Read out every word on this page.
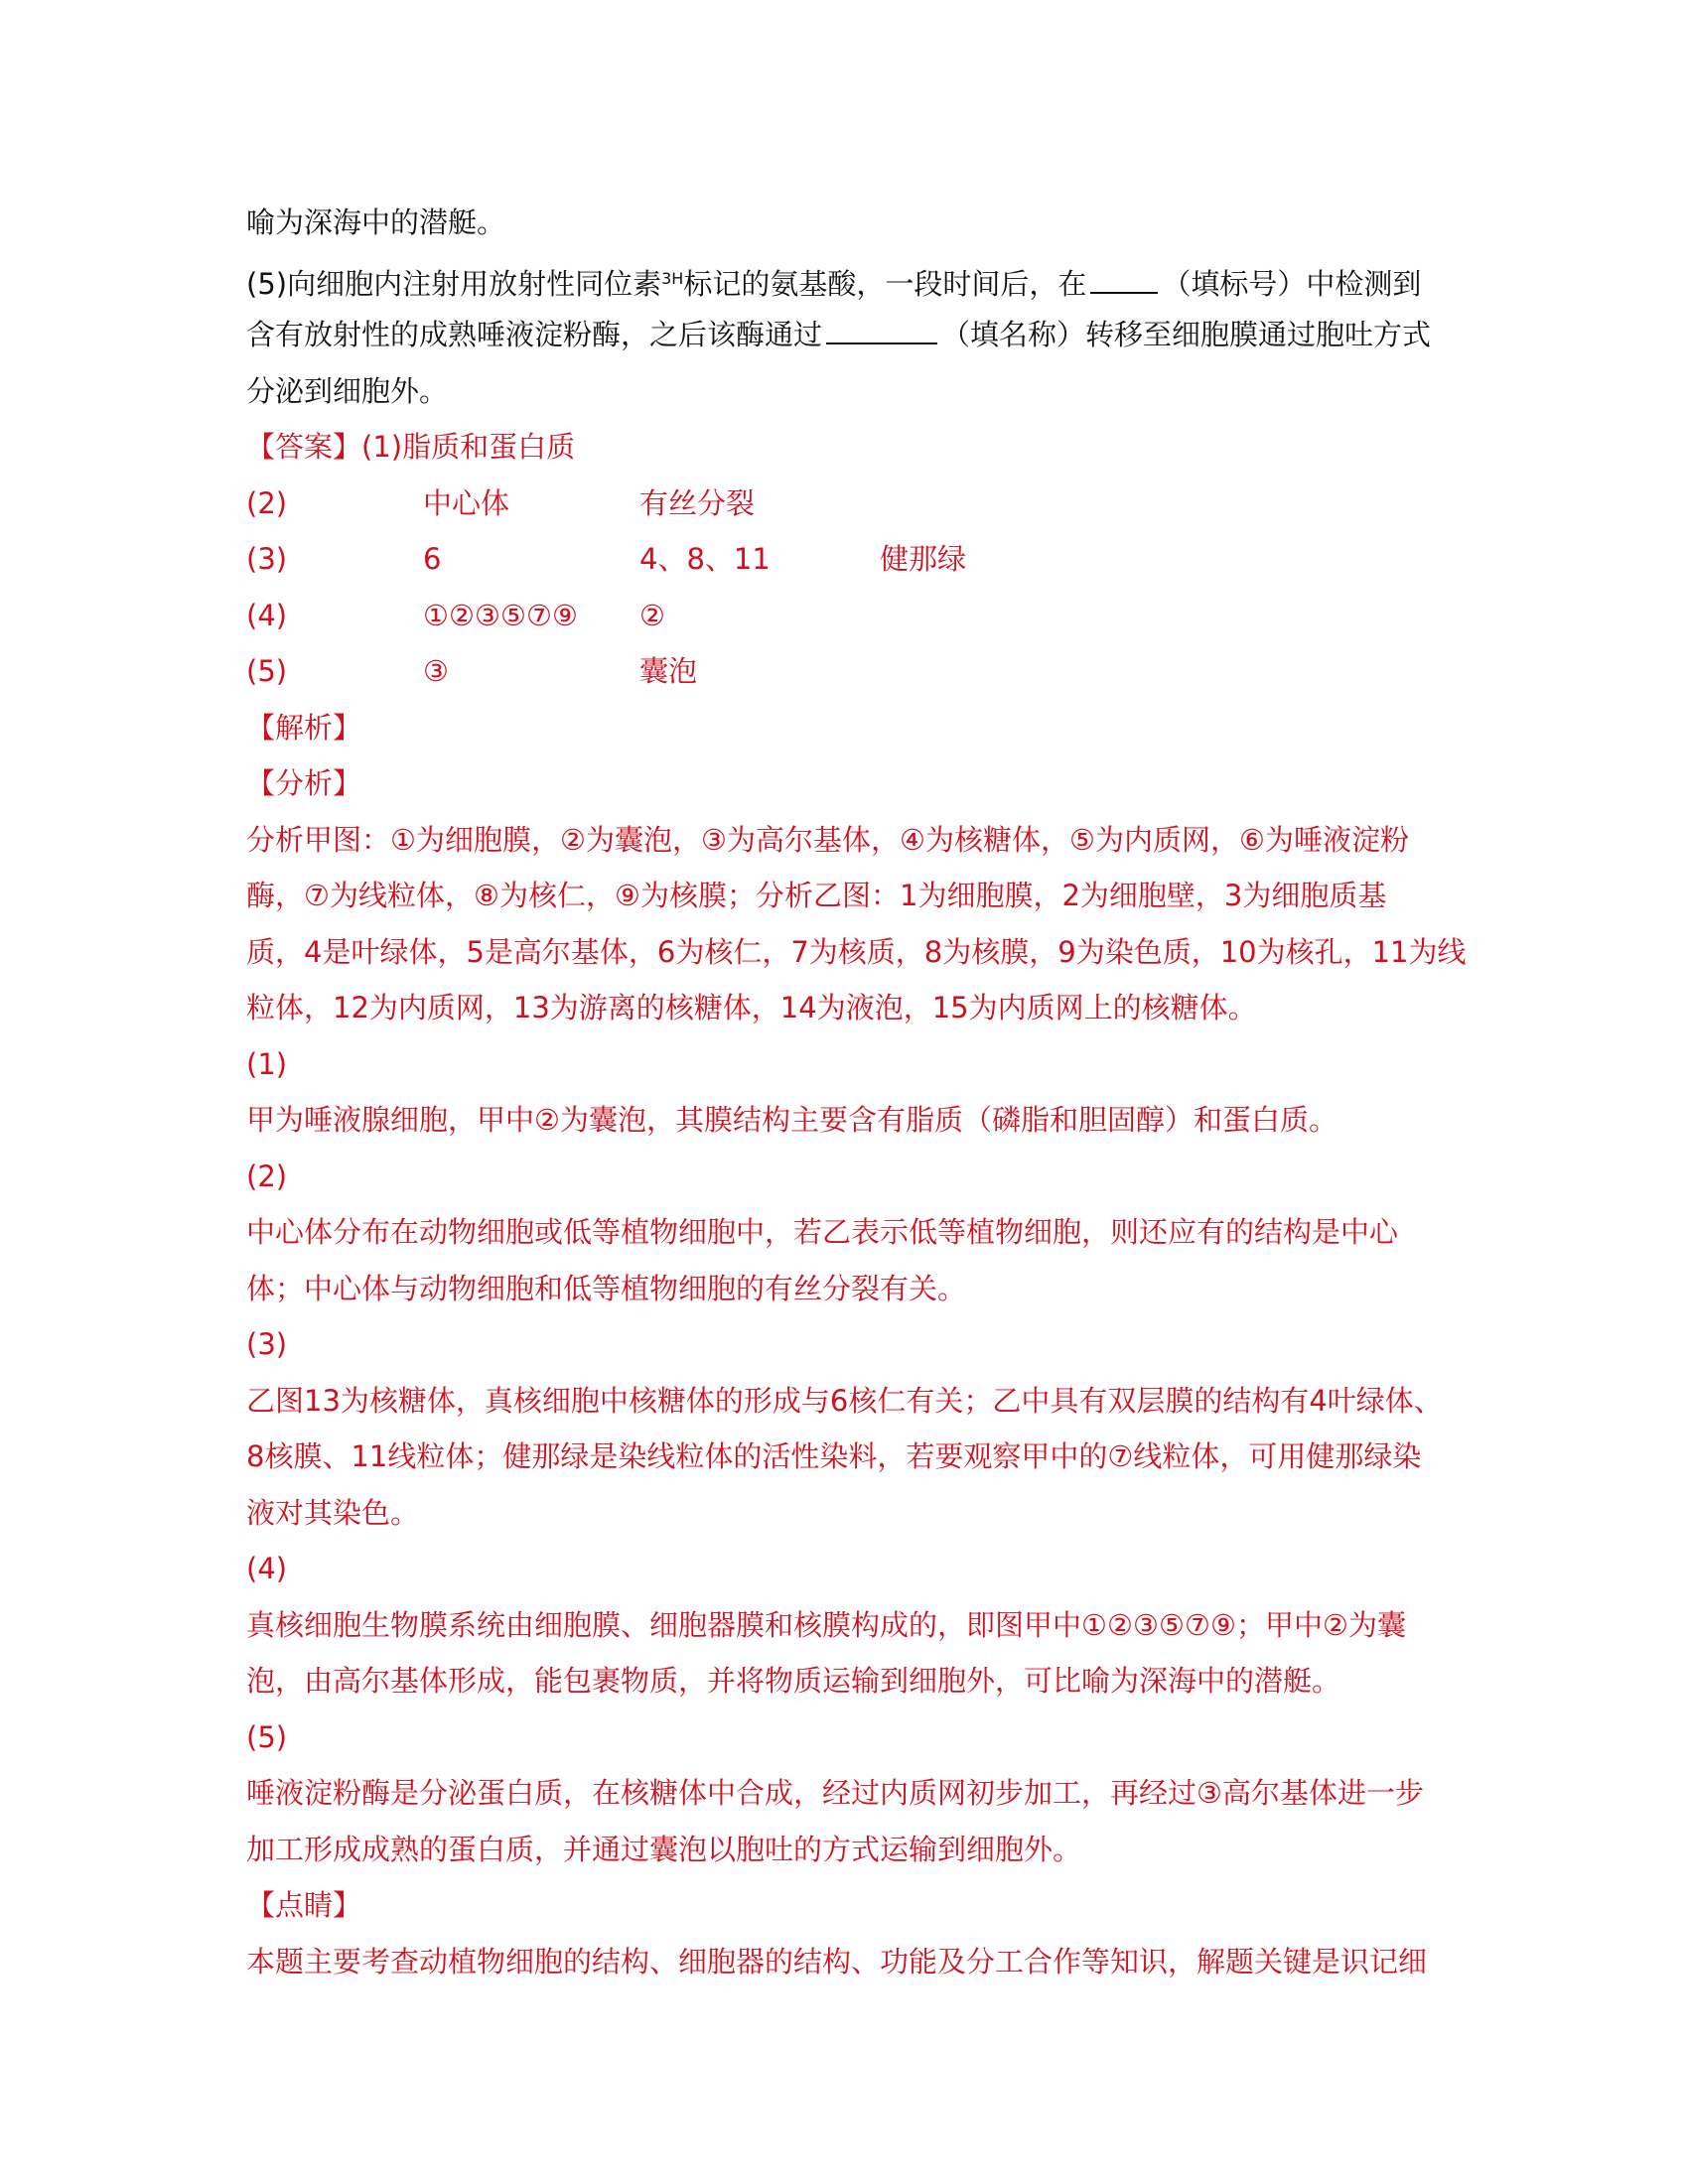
喻为深海中的潜艇。
(5)向细胞内注射用放射性同位素$^{3H}$标记的氨基酸，一段时间后，在	（填标号）中检测到
含有放射性的成熟唾液淀粉酶，之后该酶通过	（填名称）转移至细胞膜通过胞吐方式
分泌到细胞外。
【答案】(1)脂质和蛋白质
(2)	中心体	有丝分裂
(3)	6	4、8、11	健那绿
(4)	①②③⑤⑦⑨	②
(5)	③	囊泡
【解析】
【分析】
分析甲图：①为细胞膜，②为囊泡，③为高尔基体，④为核糖体，⑤为内质网，⑥为唾液淀粉
酶，⑦为线粒体，⑧为核仁，⑨为核膜；分析乙图：1为细胞膜，2为细胞壁，3为细胞质基
质，4是叶绿体，5是高尔基体，6为核仁，7为核质，8为核膜，9为染色质，10为核孔，11为线
粒体，12为内质网，13为游离的核糖体，14为液泡，15为内质网上的核糖体。
(1)
甲为唾液腺细胞，甲中②为囊泡，其膜结构主要含有脂质（磷脂和胆固醇）和蛋白质。
(2)
中心体分布在动物细胞或低等植物细胞中，若乙表示低等植物细胞，则还应有的结构是中心
体；中心体与动物细胞和低等植物细胞的有丝分裂有关。
(3)
乙图13为核糖体，真核细胞中核糖体的形成与6核仁有关；乙中具有双层膜的结构有4叶绿体、
8核膜、11线粒体；健那绿是染线粒体的活性染料，若要观察甲中的⑦线粒体，可用健那绿染
液对其染色。
(4)
真核细胞生物膜系统由细胞膜、细胞器膜和核膜构成的，即图甲中①②③⑤⑦⑨；甲中②为囊
泡，由高尔基体形成，能包裹物质，并将物质运输到细胞外，可比喻为深海中的潜艇。
(5)
唾液淀粉酶是分泌蛋白质，在核糖体中合成，经过内质网初步加工，再经过③高尔基体进一步
加工形成成熟的蛋白质，并通过囊泡以胞吐的方式运输到细胞外。
【点睛】
本题主要考查动植物细胞的结构、细胞器的结构、功能及分工合作等知识，解题关键是识记细
